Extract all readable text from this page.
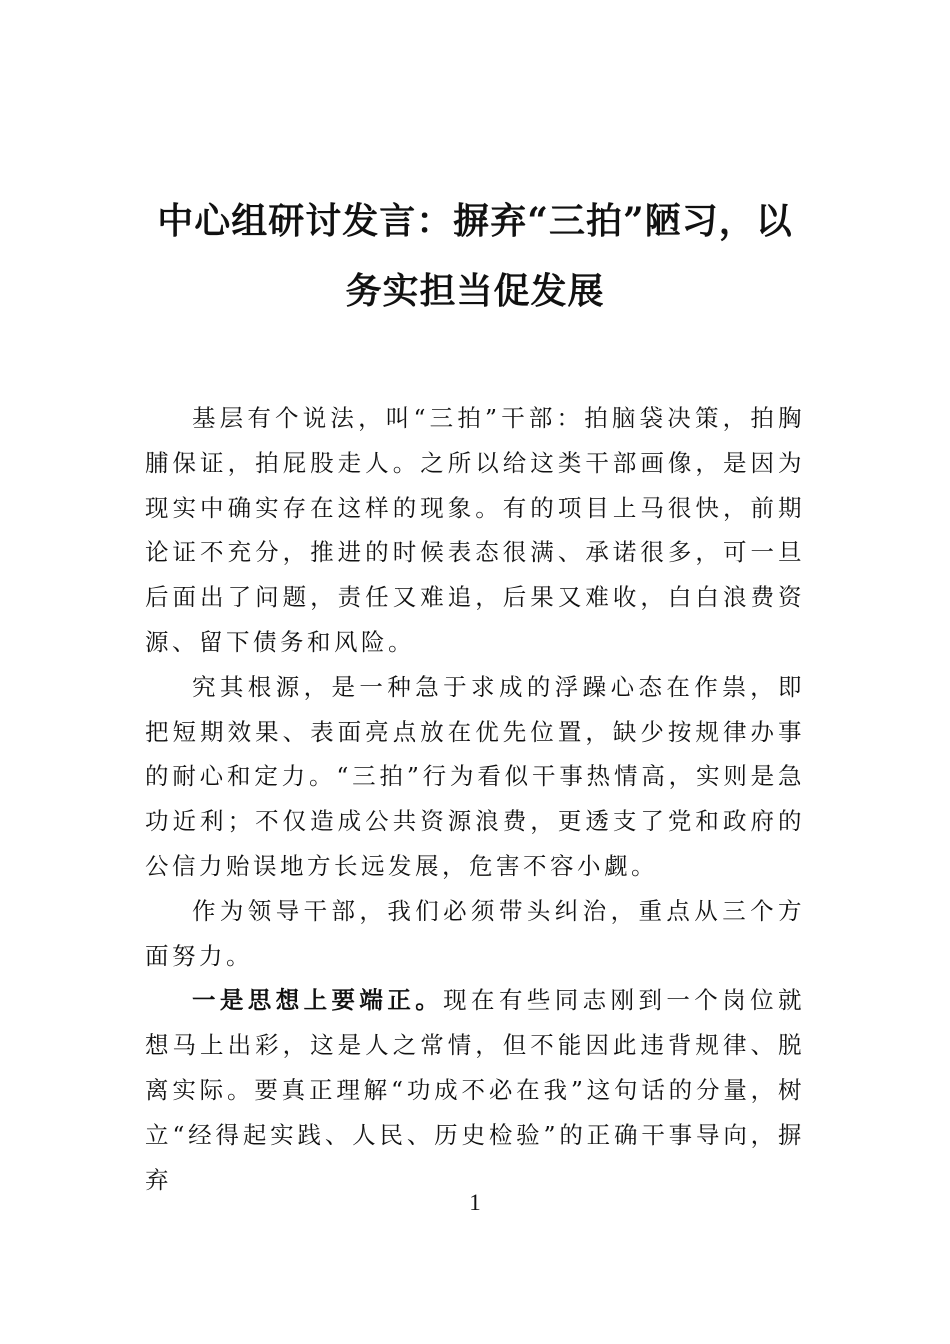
中心组研讨发言：摒弃“三拍”陋习，以
务实担当促发展

基层有个说法，叫“三拍”干部：拍脑袋决策，拍胸脯保证，拍屁股走人。之所以给这类干部画像，是因为现实中确实存在这样的现象。有的项目上马很快，前期论证不充分，推进的时候表态很满、承诺很多，可一旦后面出了问题，责任又难追，后果又难收，白白浪费资源、留下债务和风险。

究其根源，是一种急于求成的浮躁心态在作祟，即把短期效果、表面亮点放在优先位置，缺少按规律办事的耐心和定力。“三拍”行为看似干事热情高，实则是急功近利；不仅造成公共资源浪费，更透支了党和政府的公信力贻误地方长远发展，危害不容小觑。

作为领导干部，我们必须带头纠治，重点从三个方面努力。

一是思想上要端正。现在有些同志刚到一个岗位就想马上出彩，这是人之常情，但不能因此违背规律、脱离实际。要真正理解“功成不必在我”这句话的分量，树立“经得起实践、人民、历史检验”的正确干事导向，摒弃

1
